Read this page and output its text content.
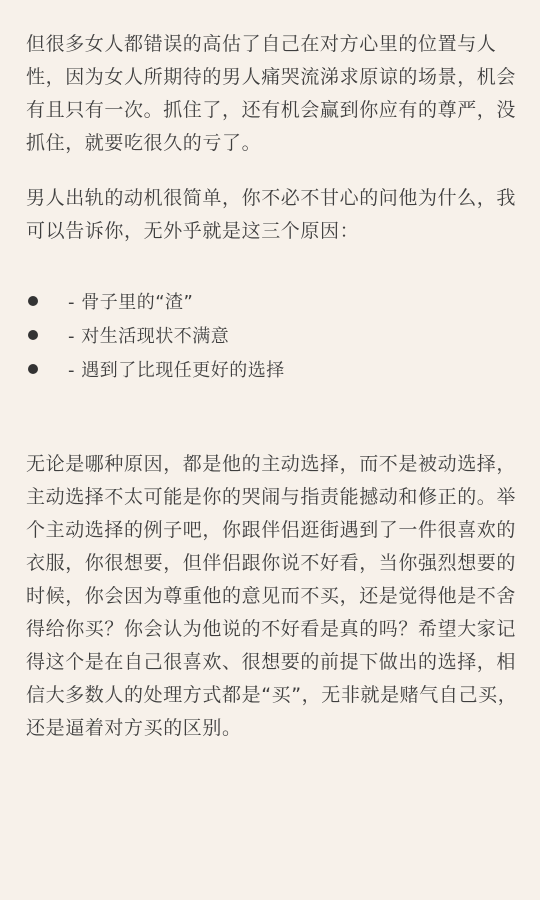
但很多女人都错误的高估了自己在对方心里的位置与人性，因为女人所期待的男人痛哭流涕求原谅的场景，机会有且只有一次。抓住了，还有机会赢到你应有的尊严，没抓住，就要吃很久的亏了。

男人出轨的动机很简单，你不必不甘心的问他为什么，我可以告诉你，无外乎就是这三个原因：

- 骨子里的“渣”
- 对生活现状不满意
- 遇到了比现任更好的选择

无论是哪种原因，都是他的主动选择，而不是被动选择，主动选择不太可能是你的哭闹与指责能撼动和修正的。举个主动选择的例子吧，你跟伴侣逛街遇到了一件很喜欢的衣服，你很想要，但伴侣跟你说不好看，当你强烈想要的时候，你会因为尊重他的意见而不买，还是觉得他是不舍得给你买？你会认为他说的不好看是真的吗？希望大家记得这个是在自己很喜欢、很想要的前提下做出的选择，相信大多数人的处理方式都是“买”，无非就是赌气自己买，还是逼着对方买的区别。
